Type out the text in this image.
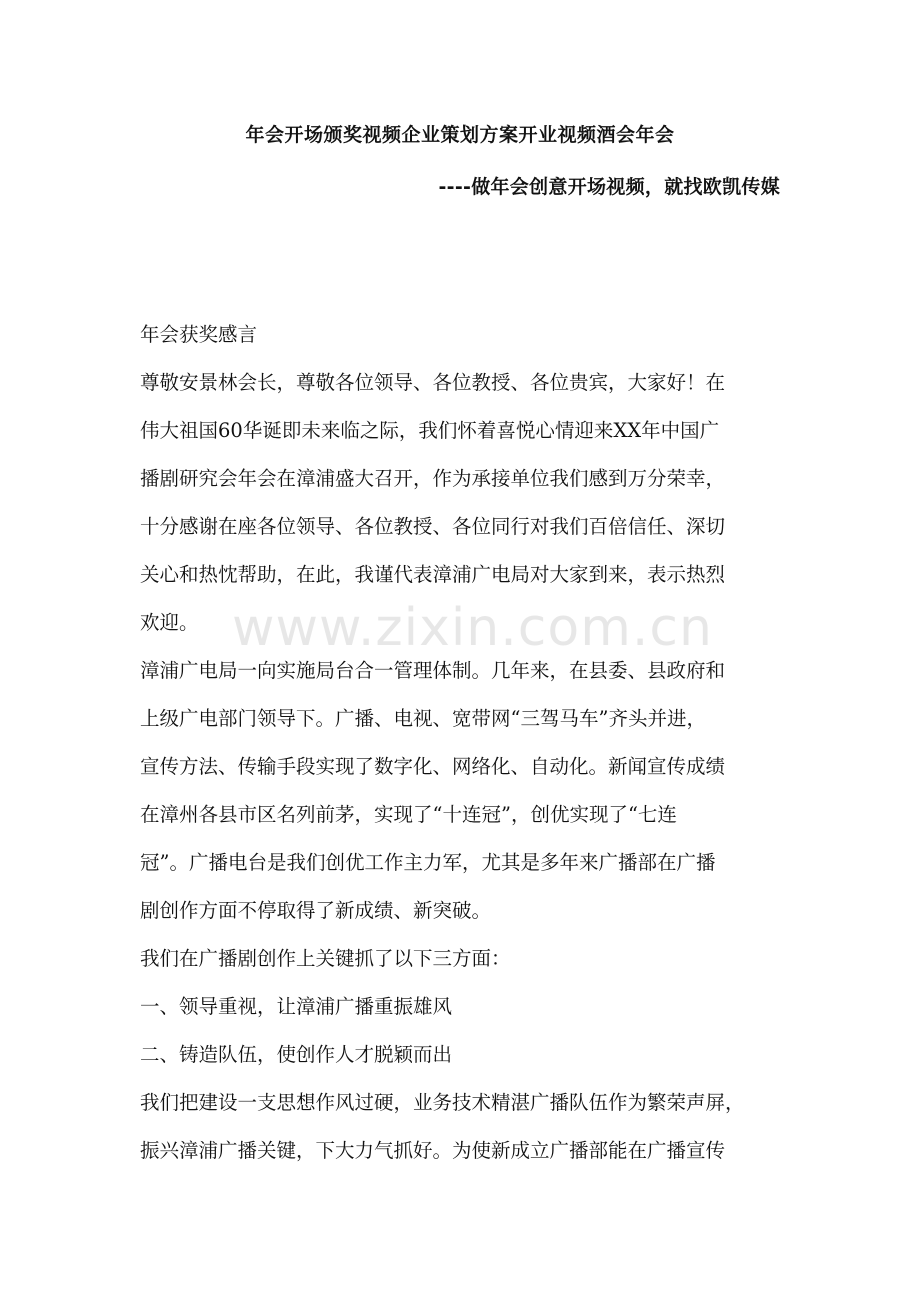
年会开场颁奖视频企业策划方案开业视频酒会年会
----做年会创意开场视频，就找欧凯传媒
年会获奖感言
尊敬安景林会长，尊敬各位领导、各位教授、各位贵宾，大家好！在
伟大祖国60华诞即未来临之际，我们怀着喜悦心情迎来XX年中国广
播剧研究会年会在漳浦盛大召开，作为承接单位我们感到万分荣幸，
十分感谢在座各位领导、各位教授、各位同行对我们百倍信任、深切
关心和热忱帮助，在此，我谨代表漳浦广电局对大家到来，表示热烈
欢迎。
漳浦广电局一向实施局台合一管理体制。几年来，在县委、县政府和
上级广电部门领导下。广播、电视、宽带网“三驾马车”齐头并进，
宣传方法、传输手段实现了数字化、网络化、自动化。新闻宣传成绩
在漳州各县市区名列前茅，实现了“十连冠”，创优实现了“七连
冠”。广播电台是我们创优工作主力军，尤其是多年来广播部在广播
剧创作方面不停取得了新成绩、新突破。
我们在广播剧创作上关键抓了以下三方面：
一、领导重视，让漳浦广播重振雄风
二、铸造队伍，使创作人才脱颖而出
我们把建设一支思想作风过硬，业务技术精湛广播队伍作为繁荣声屏，
振兴漳浦广播关键，下大力气抓好。为使新成立广播部能在广播宣传
www.zixin.com.cn
